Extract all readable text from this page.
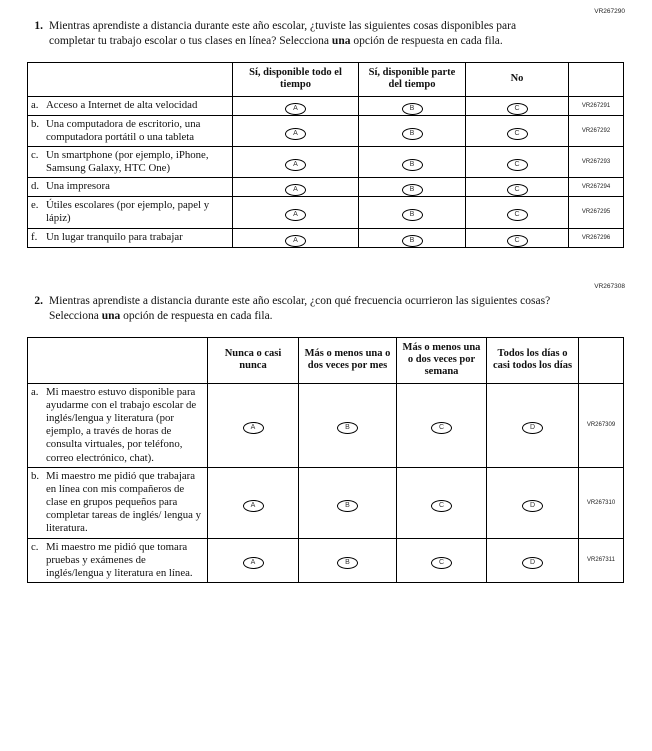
VR267290
1. Mientras aprendiste a distancia durante este año escolar, ¿tuviste las siguientes cosas disponibles para completar tu trabajo escolar o tus clases en línea? Selecciona una opción de respuesta en cada fila.
	Sí, disponible todo el tiempo	Sí, disponible parte del tiempo	No	

a. Acceso a Internet de alta velocidad	A	B	C	VR267291

b. Una computadora de escritorio, una computadora portátil o una tableta	A	B	C	VR267292

c. Un smartphone (por ejemplo, iPhone, Samsung Galaxy, HTC One)	A	B	C	VR267293

d. Una impresora	A	B	C	VR267294

e. Útiles escolares (por ejemplo, papel y lápiz)	A	B	C	VR267295

f. Un lugar tranquilo para trabajar	A	B	C	VR267296
VR267308
2. Mientras aprendiste a distancia durante este año escolar, ¿con qué frecuencia ocurrieron las siguientes cosas? Selecciona una opción de respuesta en cada fila.
	Nunca o casi nunca	Más o menos una o dos veces por mes	Más o menos una o dos veces por semana	Todos los días o casi todos los días	

a. Mi maestro estuvo disponible para ayudarme con el trabajo escolar de inglés/lengua y literatura (por ejemplo, a través de horas de consulta virtuales, por teléfono, correo electrónico, chat).	A	B	C	D	VR267309

b. Mi maestro me pidió que trabajara en línea con mis compañeros de clase en grupos pequeños para completar tareas de inglés/ lengua y literatura.	A	B	C	D	VR267310

c. Mi maestro me pidió que tomara pruebas y exámenes de inglés/lengua y literatura en línea.	A	B	C	D	VR267311
